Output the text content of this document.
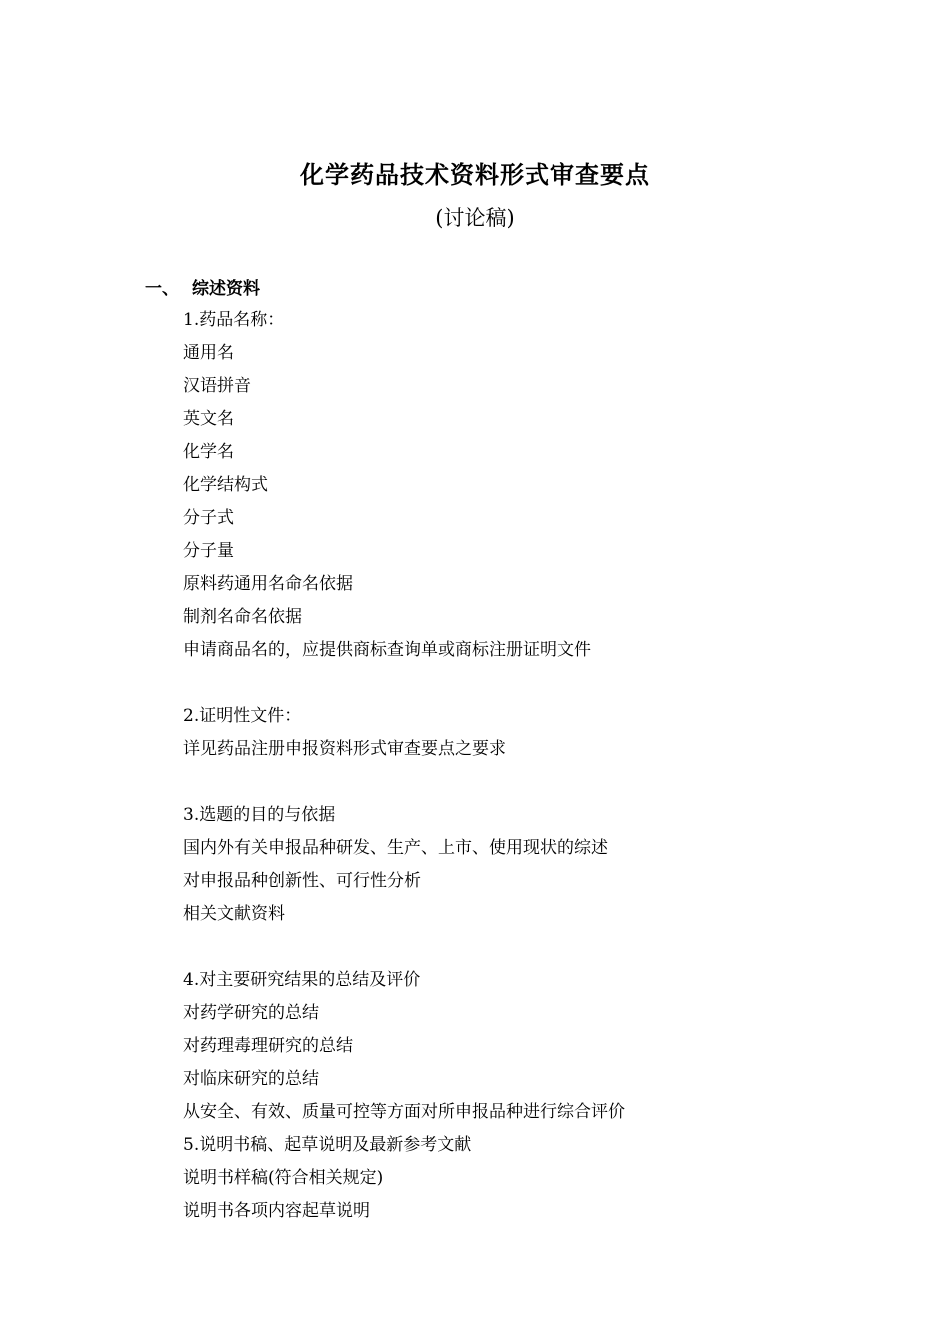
化学药品技术资料形式审查要点
(讨论稿)
一、 综述资料
1.药品名称：
通用名
汉语拼音
英文名
化学名
化学结构式
分子式
分子量
原料药通用名命名依据
制剂名命名依据
申请商品名的，应提供商标查询单或商标注册证明文件
2.证明性文件：
详见药品注册申报资料形式审查要点之要求
3.选题的目的与依据
国内外有关申报品种研发、生产、上市、使用现状的综述
对申报品种创新性、可行性分析
相关文献资料
4.对主要研究结果的总结及评价
对药学研究的总结
对药理毒理研究的总结
对临床研究的总结
从安全、有效、质量可控等方面对所申报品种进行综合评价
5.说明书稿、起草说明及最新参考文献
说明书样稿(符合相关规定)
说明书各项内容起草说明
